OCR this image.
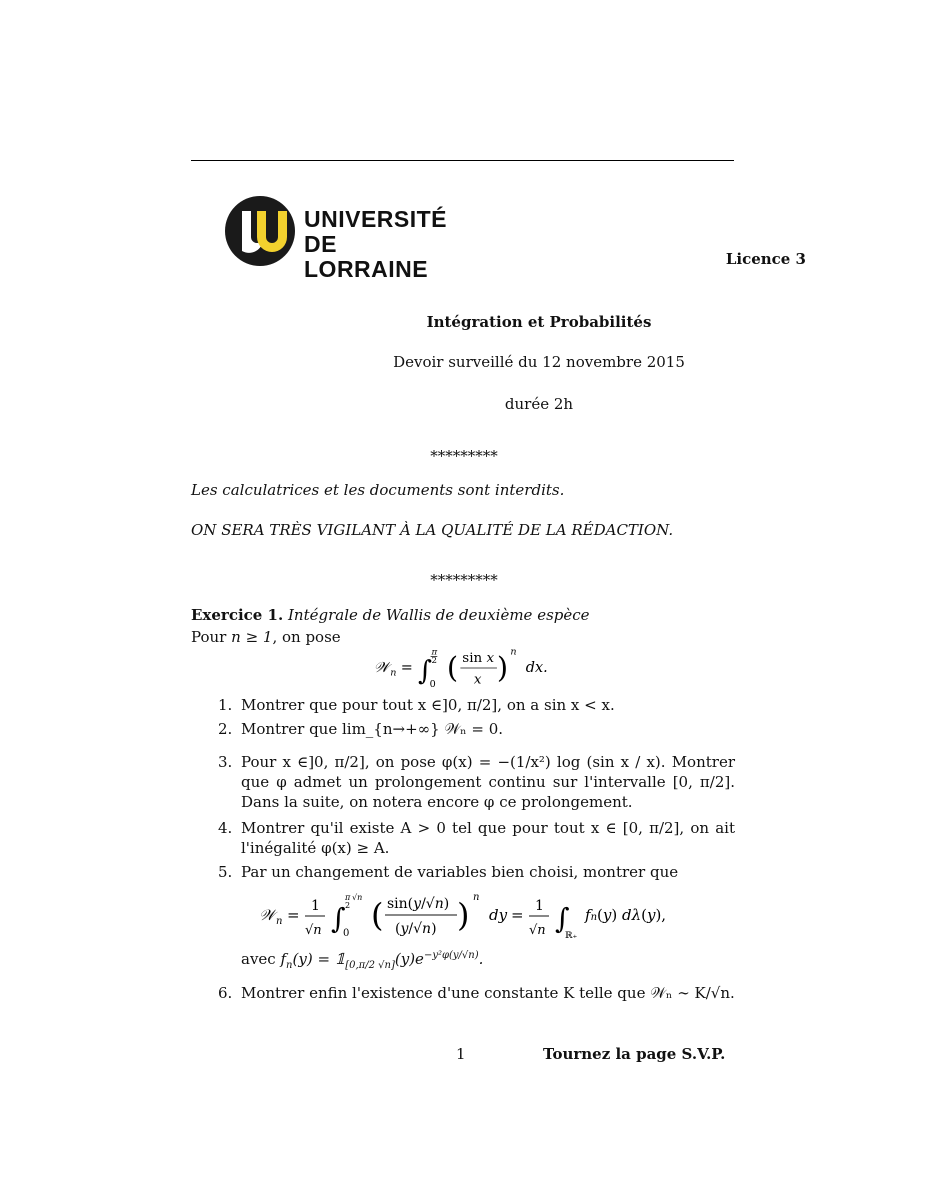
UNIVERSITÉ
DE LORRAINE	Licence 3
Intégration et Probabilités
Devoir surveillé du 12 novembre 2015
durée 2h
*********
Les calculatrices et les documents sont interdits.
ON SERA TRÈS VIGILANT À LA QUALITÉ DE LA RÉDACTION.
*********
Exercice 1. Intégrale de Wallis de deuxième espèce
Pour n ≥ 1, on pose
𝒲 n = ∫
π
2
0
( sin x
x ) n
dx.
1. Montrer que pour tout x ∈]0, π/2], on a sin x < x.
2. Montrer que lim_{n→+∞} 𝒲ₙ = 0.
3. Pour x ∈]0, π/2], on pose φ(x) = −(1/x²) log (sin x / x). Montrer que φ admet un prolongement continu sur l'intervalle [0, π/2]. Dans la suite, on notera encore φ ce prolongement.
4. Montrer qu'il existe A > 0 tel que pour tout x ∈ [0, π/2], on ait l'inégalité φ(x) ≥ A.
5. Par un changement de variables bien choisi, montrer que
𝒲 n = 1
√n ∫
π √n
2
0 ( sin(y/√n)
(y/√n) ) n
dy = 1
√n ∫
ℝ₊
fn(y) dλ(y),
avec $f_n(y)$ = $𝟙_{[0,\pi/2 √n]}(y)e^{-y^2\varphi(y/√n)}$.
6. Montrer enfin l'existence d'une constante K telle que 𝒲ₙ ∼ K/√n.
1	Tournez la page S.V.P.
